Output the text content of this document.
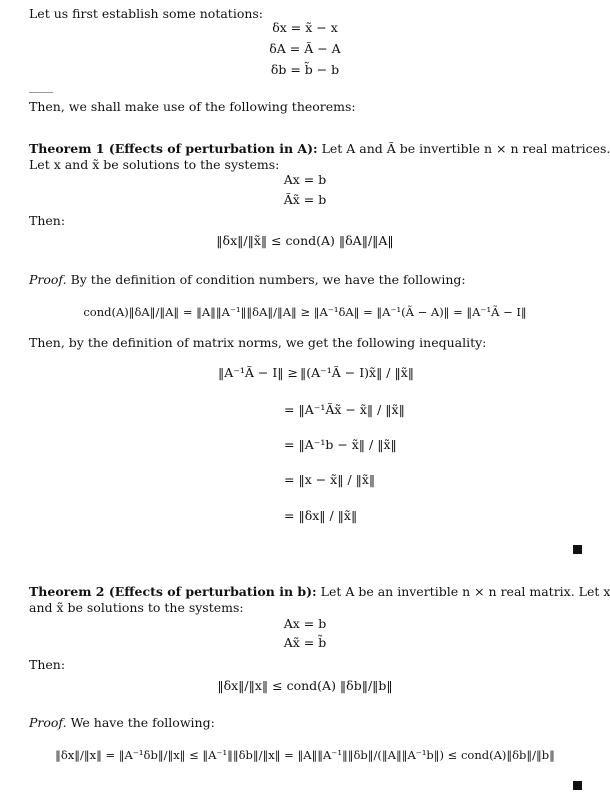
Let us first establish some notations:
δx = x̃ − x
δA = Ã − A
δb = b̃ − b
Then, we shall make use of the following theorems:
Theorem 1 (Effects of perturbation in A): Let A and Ã be invertible n × n real matrices.
Let x and x̃ be solutions to the systems:
Ax = b
Ãx̃ = b
Then:
‖δx‖/‖x̃‖ ≤ cond(A) ‖δA‖/‖A‖
Proof. By the definition of condition numbers, we have the following:
cond(A)‖δA‖/‖A‖ = ‖A‖‖A⁻¹‖‖δA‖/‖A‖ ≥ ‖A⁻¹δA‖ = ‖A⁻¹(Ã − A)‖ = ‖A⁻¹Ã − I‖
Then, by the definition of matrix norms, we get the following inequality:
‖A⁻¹Ã − I‖ ≥ ‖(A⁻¹Ã − I)x̃‖ / ‖x̃‖
= ‖A⁻¹Ãx̃ − x̃‖ / ‖x̃‖
= ‖A⁻¹b − x̃‖ / ‖x̃‖
= ‖x − x̃‖ / ‖x̃‖
= ‖δx‖ / ‖x̃‖
Theorem 2 (Effects of perturbation in b): Let A be an invertible n × n real matrix. Let x
and x̃ be solutions to the systems:
Ax = b
Ax̃ = b̃
Then:
‖δx‖/‖x‖ ≤ cond(A) ‖δb‖/‖b‖
Proof. We have the following:
‖δx‖/‖x‖ = ‖A⁻¹δb‖/‖x‖ ≤ ‖A⁻¹‖‖δb‖/‖x‖ = ‖A‖‖A⁻¹‖‖δb‖/(‖A‖‖A⁻¹b‖) ≤ cond(A)‖δb‖/‖b‖
